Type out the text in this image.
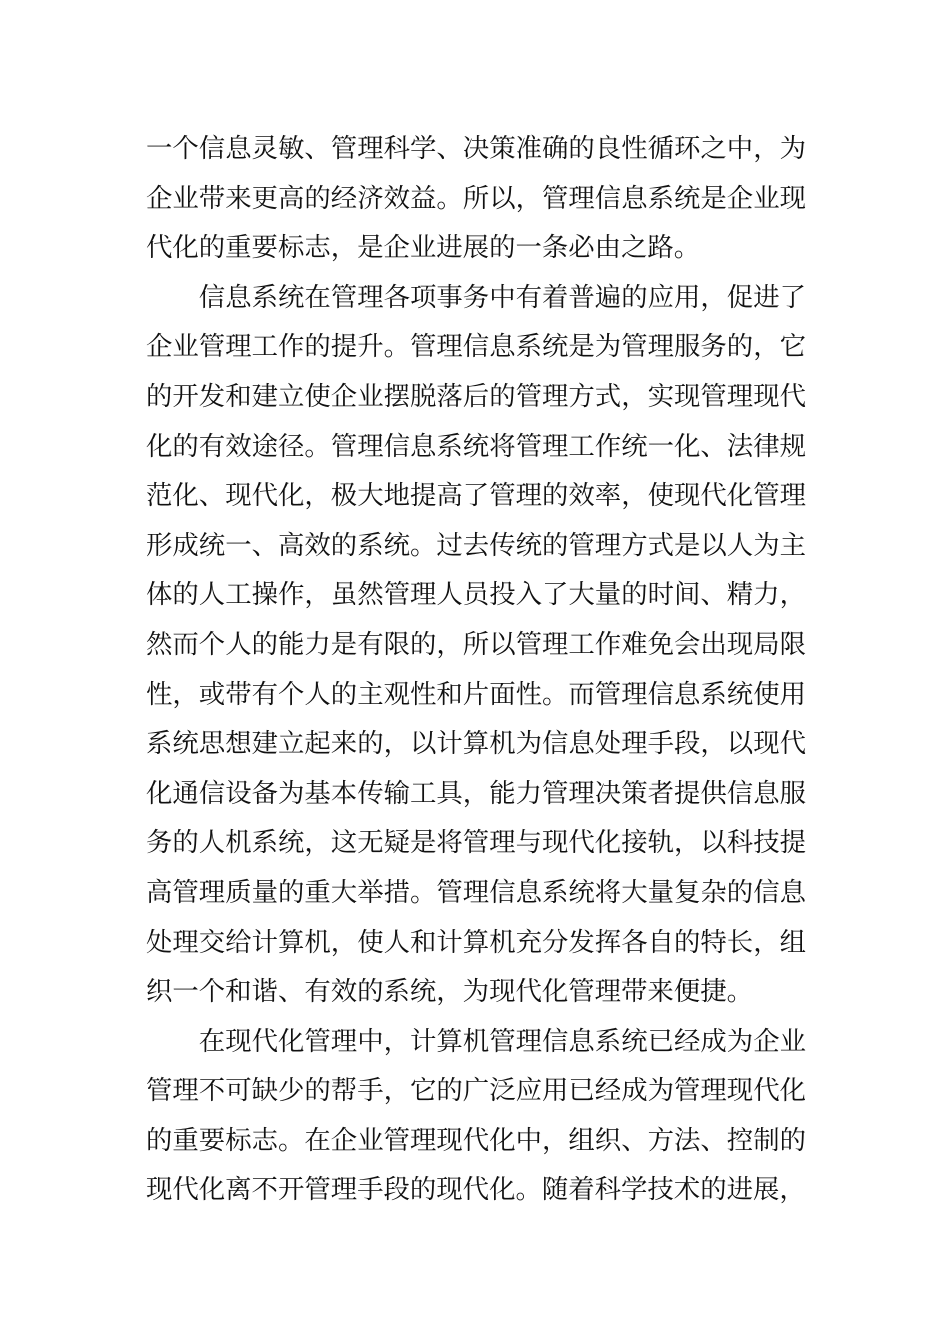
一个信息灵敏、管理科学、决策准确的良性循环之中，为企业带来更高的经济效益。所以，管理信息系统是企业现代化的重要标志，是企业进展的一条必由之路。

信息系统在管理各项事务中有着普遍的应用，促进了企业管理工作的提升。管理信息系统是为管理服务的，它的开发和建立使企业摆脱落后的管理方式，实现管理现代化的有效途径。管理信息系统将管理工作统一化、法律规范化、现代化，极大地提高了管理的效率，使现代化管理形成统一、高效的系统。过去传统的管理方式是以人为主体的人工操作，虽然管理人员投入了大量的时间、精力，然而个人的能力是有限的，所以管理工作难免会出现局限性，或带有个人的主观性和片面性。而管理信息系统使用系统思想建立起来的，以计算机为信息处理手段，以现代化通信设备为基本传输工具，能力管理决策者提供信息服务的人机系统，这无疑是将管理与现代化接轨，以科技提高管理质量的重大举措。管理信息系统将大量复杂的信息处理交给计算机，使人和计算机充分发挥各自的特长，组织一个和谐、有效的系统，为现代化管理带来便捷。

在现代化管理中，计算机管理信息系统已经成为企业管理不可缺少的帮手，它的广泛应用已经成为管理现代化的重要标志。在企业管理现代化中，组织、方法、控制的现代化离不开管理手段的现代化。随着科学技术的进展，
